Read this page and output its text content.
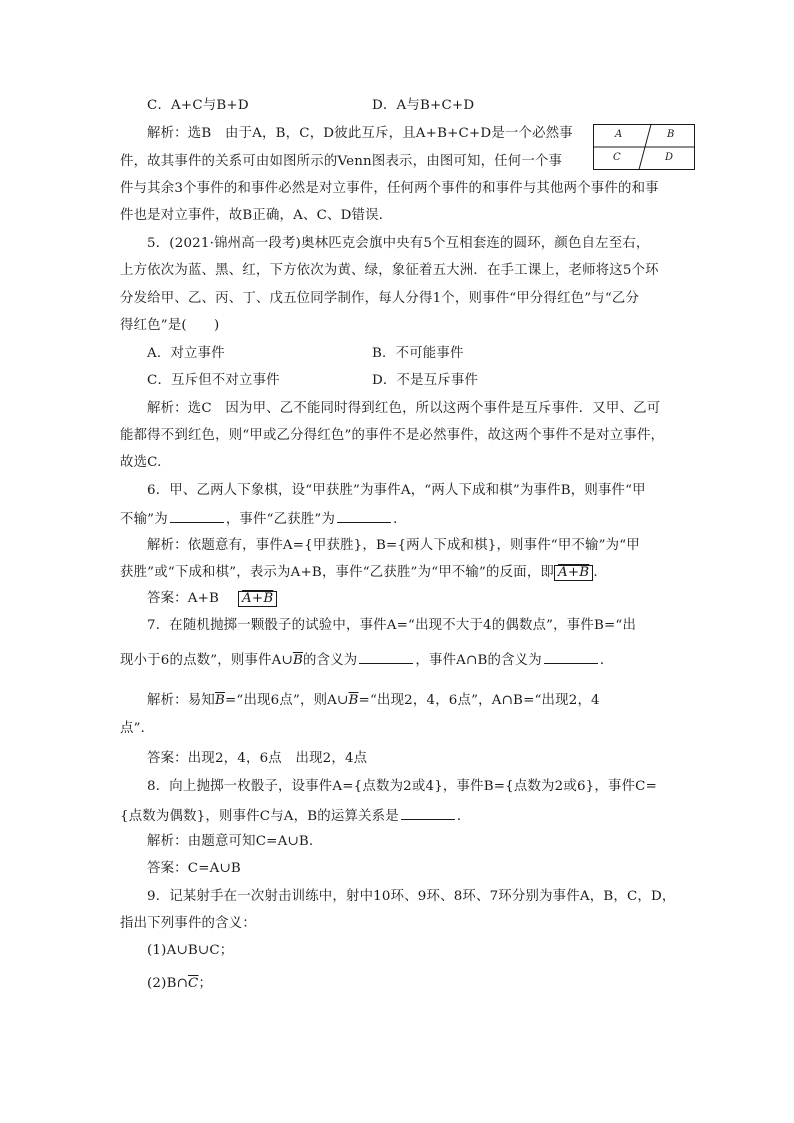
C．A+C与B+D	D．A与B+C+D
解析：选B　由于A，B，C，D彼此互斥，且A+B+C+D是一个必然事
件，故其事件的关系可由如图所示的Venn图表示，由图可知，任何一个事
件与其余3个事件的和事件必然是对立事件，任何两个事件的和事件与其他两个事件的和事
件也是对立事件，故B正确，A、C、D错误．
A	B
C	D
5．(2021·锦州高一段考)奥林匹克会旗中央有5个互相套连的圆环，颜色自左至右，
上方依次为蓝、黑、红，下方依次为黄、绿，象征着五大洲．在手工课上，老师将这5个环
分发给甲、乙、丙、丁、戊五位同学制作，每人分得1个，则事件“甲分得红色”与“乙分
得红色”是(　　)
A．对立事件	B．不可能事件
C．互斥但不对立事件	D．不是互斥事件
解析：选C　因为甲、乙不能同时得到红色，所以这两个事件是互斥事件．又甲、乙可
能都得不到红色，则“甲或乙分得红色”的事件不是必然事件，故这两个事件不是对立事件，
故选C.
6．甲、乙两人下象棋，设“甲获胜”为事件A，“两人下成和棋”为事件B，则事件“甲
不输”为	，事件“乙获胜”为	．
解析：依题意有，事件A={甲获胜}，B={两人下成和棋}，则事件“甲不输”为“甲
获胜”或“下成和棋”，表示为A+B，事件“乙获胜”为“甲不输”的反面，即 A+B .
答案：A+B A+B
7．在随机抛掷一颗骰子的试验中，事件A=“出现不大于4的偶数点”，事件B=“出
现小于6的点数”，则事件$A\cup\overline{B}$的含义为	，事件A∩B的含义为	．
解析：易知$\overline{B}=“$出现6点”，则$A\cup\overline{B}=“$出现2，4，6点”，A∩B=“出现2，4
点”．
答案：出现2，4，6点　出现2，4点
8．向上抛掷一枚骰子，设事件A={点数为2或4}，事件B={点数为2或6}，事件C=
{点数为偶数}，则事件C与A，B的运算关系是	．
解析：由题意可知C=A∪B.
答案：C=A∪B
9．记某射手在一次射击训练中，射中10环、9环、8环、7环分别为事件A，B，C，D，
指出下列事件的含义：
(1)A∪B∪C；
$(2)B\cap\overline{C}$；
